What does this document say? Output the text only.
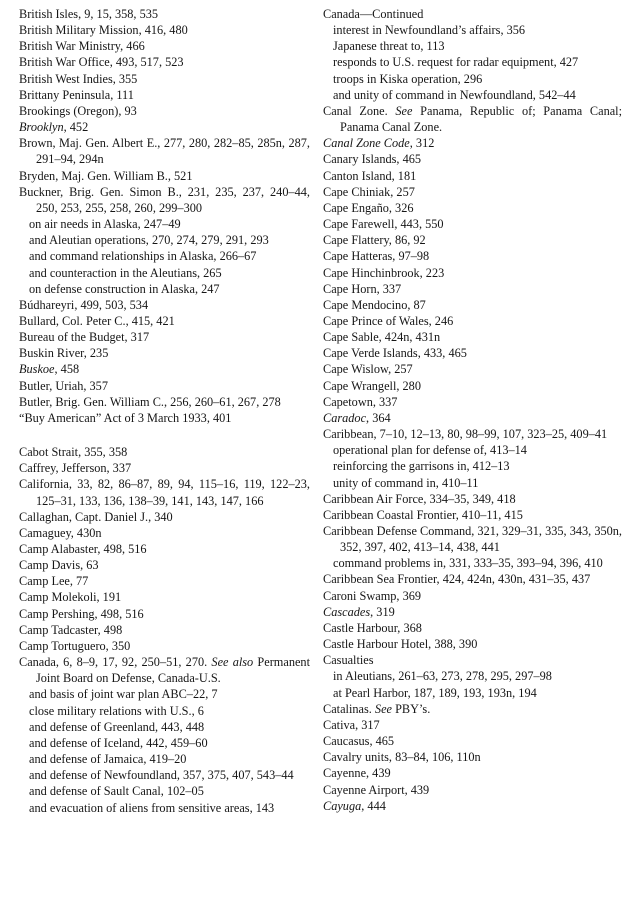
British Isles, 9, 15, 358, 535
British Military Mission, 416, 480
British War Ministry, 466
British War Office, 493, 517, 523
British West Indies, 355
Brittany Peninsula, 111
Brookings (Oregon), 93
Brooklyn, 452
Brown, Maj. Gen. Albert E., 277, 280, 282–85, 285n, 287, 291–94, 294n
Bryden, Maj. Gen. William B., 521
Buckner, Brig. Gen. Simon B., 231, 235, 237, 240–44, 250, 253, 255, 258, 260, 299–300
on air needs in Alaska, 247–49
and Aleutian operations, 270, 274, 279, 291, 293
and command relationships in Alaska, 266–67
and counteraction in the Aleutians, 265
on defense construction in Alaska, 247
Búdhareyri, 499, 503, 534
Bullard, Col. Peter C., 415, 421
Bureau of the Budget, 317
Buskin River, 235
Buskoe, 458
Butler, Uriah, 357
Butler, Brig. Gen. William C., 256, 260–61, 267, 278
“Buy American” Act of 3 March 1933, 401
Cabot Strait, 355, 358
Caffrey, Jefferson, 337
California, 33, 82, 86–87, 89, 94, 115–16, 119, 122–23, 125–31, 133, 136, 138–39, 141, 143, 147, 166
Callaghan, Capt. Daniel J., 340
Camaguey, 430n
Camp Alabaster, 498, 516
Camp Davis, 63
Camp Lee, 77
Camp Molekoli, 191
Camp Pershing, 498, 516
Camp Tadcaster, 498
Camp Tortuguero, 350
Canada, 6, 8–9, 17, 92, 250–51, 270. See also Permanent Joint Board on Defense, Canada-U.S.
and basis of joint war plan ABC–22, 7
close military relations with U.S., 6
and defense of Greenland, 443, 448
and defense of Iceland, 442, 459–60
and defense of Jamaica, 419–20
and defense of Newfoundland, 357, 375, 407, 543–44
and defense of Sault Canal, 102–05
and evacuation of aliens from sensitive areas, 143
Canada—Continued
interest in Newfoundland’s affairs, 356
Japanese threat to, 113
responds to U.S. request for radar equipment, 427
troops in Kiska operation, 296
and unity of command in Newfoundland, 542–44
Canal Zone. See Panama, Republic of; Panama Canal; Panama Canal Zone.
Canal Zone Code, 312
Canary Islands, 465
Canton Island, 181
Cape Chiniak, 257
Cape Engaño, 326
Cape Farewell, 443, 550
Cape Flattery, 86, 92
Cape Hatteras, 97–98
Cape Hinchinbrook, 223
Cape Horn, 337
Cape Mendocino, 87
Cape Prince of Wales, 246
Cape Sable, 424n, 431n
Cape Verde Islands, 433, 465
Cape Wislow, 257
Cape Wrangell, 280
Capetown, 337
Caradoc, 364
Caribbean, 7–10, 12–13, 80, 98–99, 107, 323–25, 409–41
operational plan for defense of, 413–14
reinforcing the garrisons in, 412–13
unity of command in, 410–11
Caribbean Air Force, 334–35, 349, 418
Caribbean Coastal Frontier, 410–11, 415
Caribbean Defense Command, 321, 329–31, 335, 343, 350n, 352, 397, 402, 413–14, 438, 441
command problems in, 331, 333–35, 393–94, 396, 410
Caribbean Sea Frontier, 424, 424n, 430n, 431–35, 437
Caroni Swamp, 369
Cascades, 319
Castle Harbour, 368
Castle Harbour Hotel, 388, 390
Casualties
in Aleutians, 261–63, 273, 278, 295, 297–98
at Pearl Harbor, 187, 189, 193, 193n, 194
Catalinas. See PBY’s.
Cativa, 317
Caucasus, 465
Cavalry units, 83–84, 106, 110n
Cayenne, 439
Cayenne Airport, 439
Cayuga, 444
